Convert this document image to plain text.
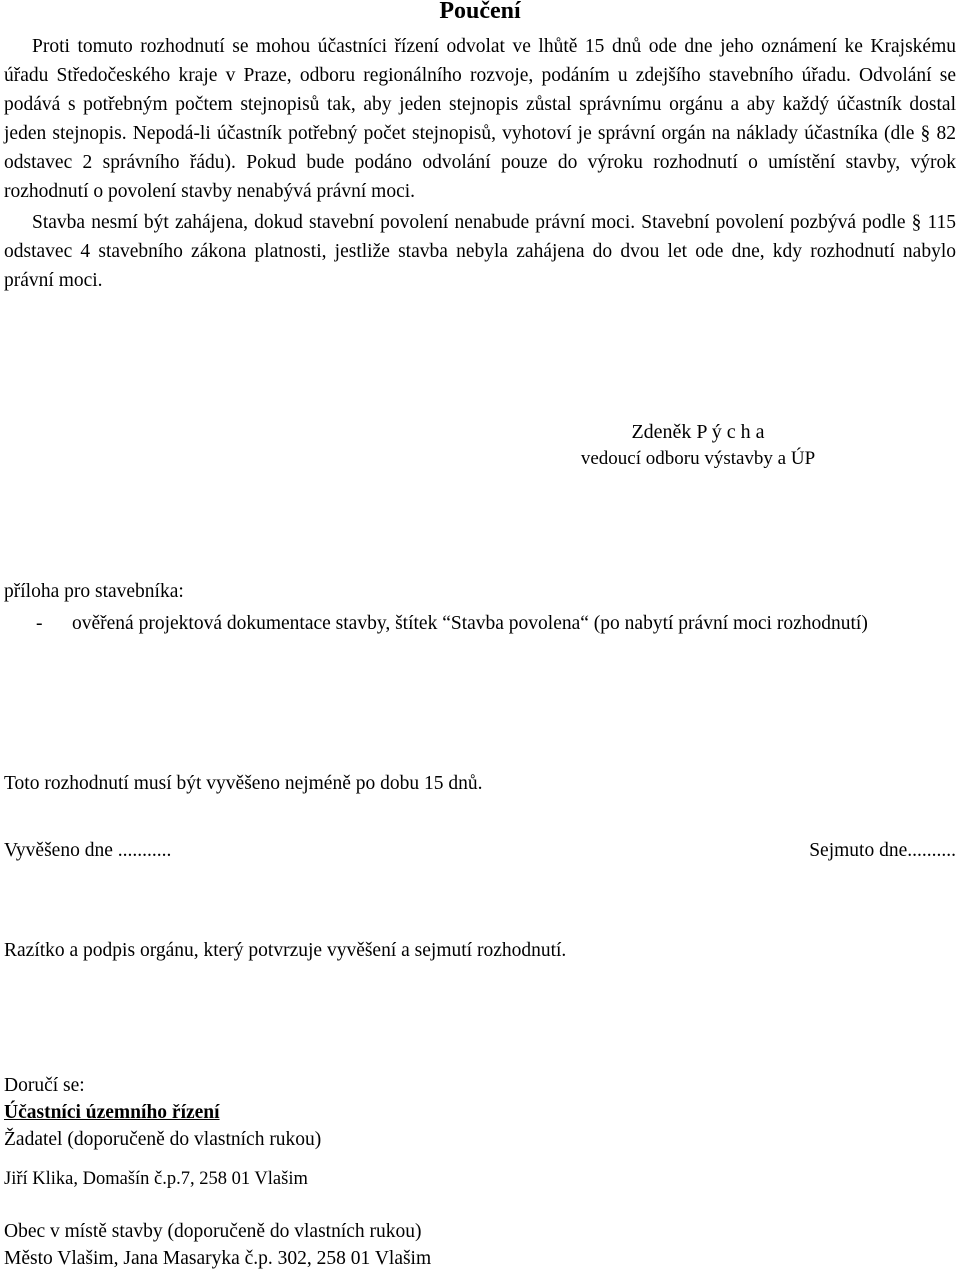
Poučení

Proti tomuto rozhodnutí se mohou účastníci řízení odvolat ve lhůtě 15 dnů ode dne jeho oznámení ke Krajskému úřadu Středočeského kraje v Praze, odboru regionálního rozvoje, podáním u zdejšího stavebního úřadu. Odvolání se podává s potřebným počtem stejnopisů tak, aby jeden stejnopis zůstal správnímu orgánu a aby každý účastník dostal jeden stejnopis. Nepodá-li účastník potřebný počet stejnopisů, vyhotoví je správní orgán na náklady účastníka (dle § 82 odstavec 2 správního řádu). Pokud bude podáno odvolání pouze do výroku rozhodnutí o umístění stavby, výrok rozhodnutí o povolení stavby nenabývá právní moci.

Stavba nesmí být zahájena, dokud stavební povolení nenabude právní moci. Stavební povolení pozbývá podle § 115 odstavec 4 stavebního zákona platnosti, jestliže stavba nebyla zahájena do dvou let ode dne, kdy rozhodnutí nabylo právní moci.

Zdeněk P ý c h a
vedoucí odboru výstavby a ÚP
příloha pro stavebníka:
- ověřená projektová dokumentace stavby, štítek “Stavba povolena“ (po nabytí právní moci rozhodnutí)
Toto rozhodnutí musí být vyvěšeno nejméně po dobu 15 dnů.
Vyvěšeno dne ...........	Sejmuto dne..........
Razítko a podpis orgánu, který potvrzuje vyvěšení a sejmutí rozhodnutí.
Doručí se:
Účastníci územního řízení
Žadatel (doporučeně do vlastních rukou)
Jiří Klika, Domašín č.p.7, 258 01 Vlašim
Obec v místě stavby (doporučeně do vlastních rukou)
Město Vlašim, Jana Masaryka č.p. 302, 258 01 Vlašim
